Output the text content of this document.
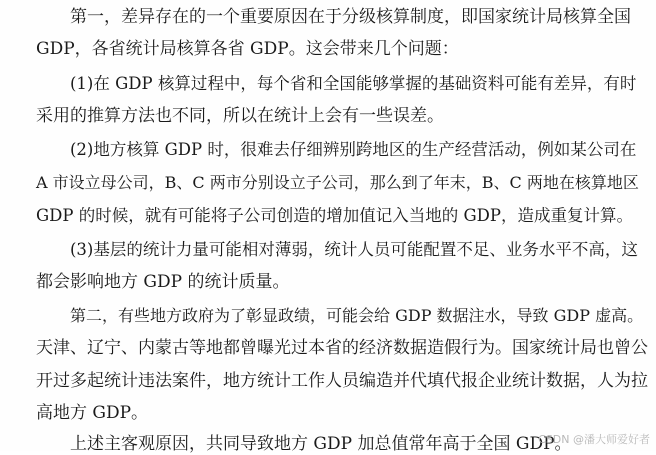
第一，差异存在的一个重要原因在于分级核算制度，即国家统计局核算全国
GDP，各省统计局核算各省 GDP。这会带来几个问题：
(1)在 GDP 核算过程中，每个省和全国能够掌握的基础资料可能有差异，有时
采用的推算方法也不同，所以在统计上会有一些误差。
(2)地方核算 GDP 时，很难去仔细辨别跨地区的生产经营活动，例如某公司在
A 市设立母公司，B、C 两市分别设立子公司，那么到了年末，B、C 两地在核算地区
GDP 的时候，就有可能将子公司创造的增加值记入当地的 GDP，造成重复计算。
(3)基层的统计力量可能相对薄弱，统计人员可能配置不足、业务水平不高，这
都会影响地方 GDP 的统计质量。
第二，有些地方政府为了彰显政绩，可能会给 GDP 数据注水，导致 GDP 虚高。
天津、辽宁、内蒙古等地都曾曝光过本省的经济数据造假行为。国家统计局也曾公
开过多起统计违法案件，地方统计工作人员编造并代填代报企业统计数据，人为拉
高地方 GDP。
上述主客观原因，共同导致地方 GDP 加总值常年高于全国 GDP。
CSDN @潘大师爱好者
